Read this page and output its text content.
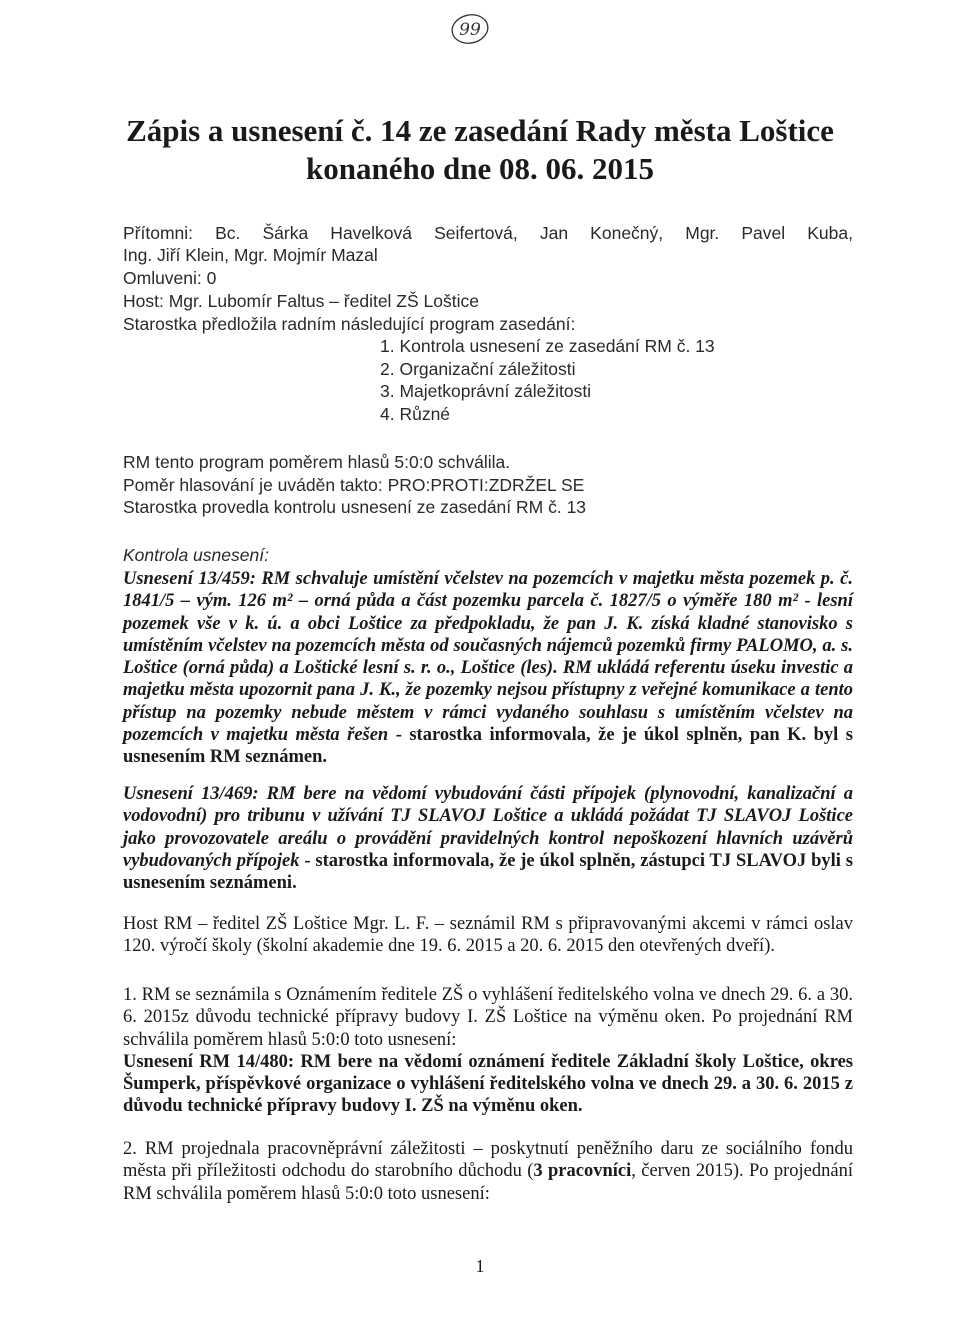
99
Zápis a usnesení č. 14 ze zasedání Rady města Loštice
konaného dne 08. 06. 2015
Přítomni: Bc. Šárka Havelková Seifertová, Jan Konečný, Mgr. Pavel Kuba,
Ing. Jiří Klein, Mgr. Mojmír Mazal
Omluveni: 0
Host: Mgr. Lubomír Faltus – ředitel ZŠ Loštice
Starostka předložila radním následující program zasedání:
1. Kontrola usnesení ze zasedání RM č. 13
2. Organizační záležitosti
3. Majetkoprávní záležitosti
4. Různé
RM tento program poměrem hlasů 5:0:0 schválila.
Poměr hlasování je uváděn takto: PRO:PROTI:ZDRŽEL SE
Starostka provedla kontrolu usnesení ze zasedání RM č. 13
Kontrola usnesení:
Usnesení 13/459: RM schvaluje umístění včelstev na pozemcích v majetku města pozemek p. č. 1841/5 – vým. 126 m² – orná půda a část pozemku parcela č. 1827/5 o výměře 180 m² - lesní pozemek vše v k. ú. a obci Loštice za předpokladu, že pan J. K. získá kladné stanovisko s umístěním včelstev na pozemcích města od současných nájemců pozemků firmy PALOMO, a. s. Loštice (orná půda) a Loštické lesní s. r. o., Loštice (les). RM ukládá referentu úseku investic a majetku města upozornit pana J. K., že pozemky nejsou přístupny z veřejné komunikace a tento přístup na pozemky nebude městem v rámci vydaného souhlasu s umístěním včelstev na pozemcích v majetku města řešen - starostka informovala, že je úkol splněn, pan K. byl s usnesením RM seznámen.
Usnesení 13/469: RM bere na vědomí vybudování části přípojek (plynovodní, kanalizační a vodovodní) pro tribunu v užívání TJ SLAVOJ Loštice a ukládá požádat TJ SLAVOJ Loštice jako provozovatele areálu o provádění pravidelných kontrol nepoškození hlavních uzávěrů vybudovaných přípojek - starostka informovala, že je úkol splněn, zástupci TJ SLAVOJ byli s usnesením seznámeni.
Host RM – ředitel ZŠ Loštice Mgr. L. F. – seznámil RM s připravovanými akcemi v rámci oslav 120. výročí školy (školní akademie dne 19. 6. 2015 a 20. 6. 2015 den otevřených dveří).
1. RM se seznámila s Oznámením ředitele ZŠ o vyhlášení ředitelského volna ve dnech 29. 6. a 30. 6. 2015z důvodu technické přípravy budovy I. ZŠ Loštice na výměnu oken. Po projednání RM schválila poměrem hlasů 5:0:0 toto usnesení:
Usnesení RM 14/480: RM bere na vědomí oznámení ředitele Základní školy Loštice, okres Šumperk, příspěvkové organizace o vyhlášení ředitelského volna ve dnech 29. a 30. 6. 2015 z důvodu technické přípravy budovy I. ZŠ na výměnu oken.
2. RM projednala pracovněprávní záležitosti – poskytnutí peněžního daru ze sociálního fondu města při příležitosti odchodu do starobního důchodu (3 pracovníci, červen 2015). Po projednání RM schválila poměrem hlasů 5:0:0 toto usnesení:
1
